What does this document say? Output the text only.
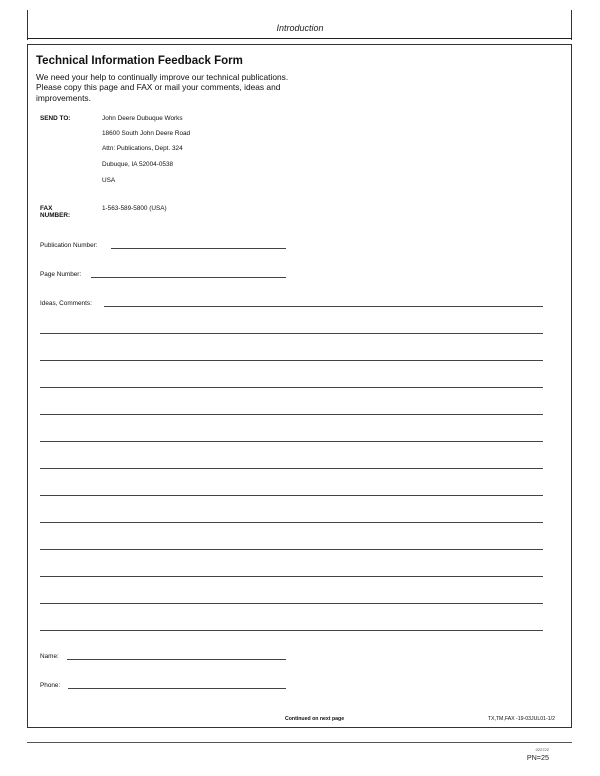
Introduction
Technical Information Feedback Form
We need your help to continually improve our technical publications. Please copy this page and FAX or mail your comments, ideas and improvements.
SEND TO:	John Deere Dubuque Works
18600 South John Deere Road
Attn: Publications, Dept. 324
Dubuque, IA 52004-0538
USA
FAX
NUMBER:
1-563-589-5800 (USA)
Publication Number:
Page Number:
Ideas, Comments:
Name:
Phone:
Continued on next page	TX,TM,FAX -19-03JUL01-1/2
022722
PN=25
